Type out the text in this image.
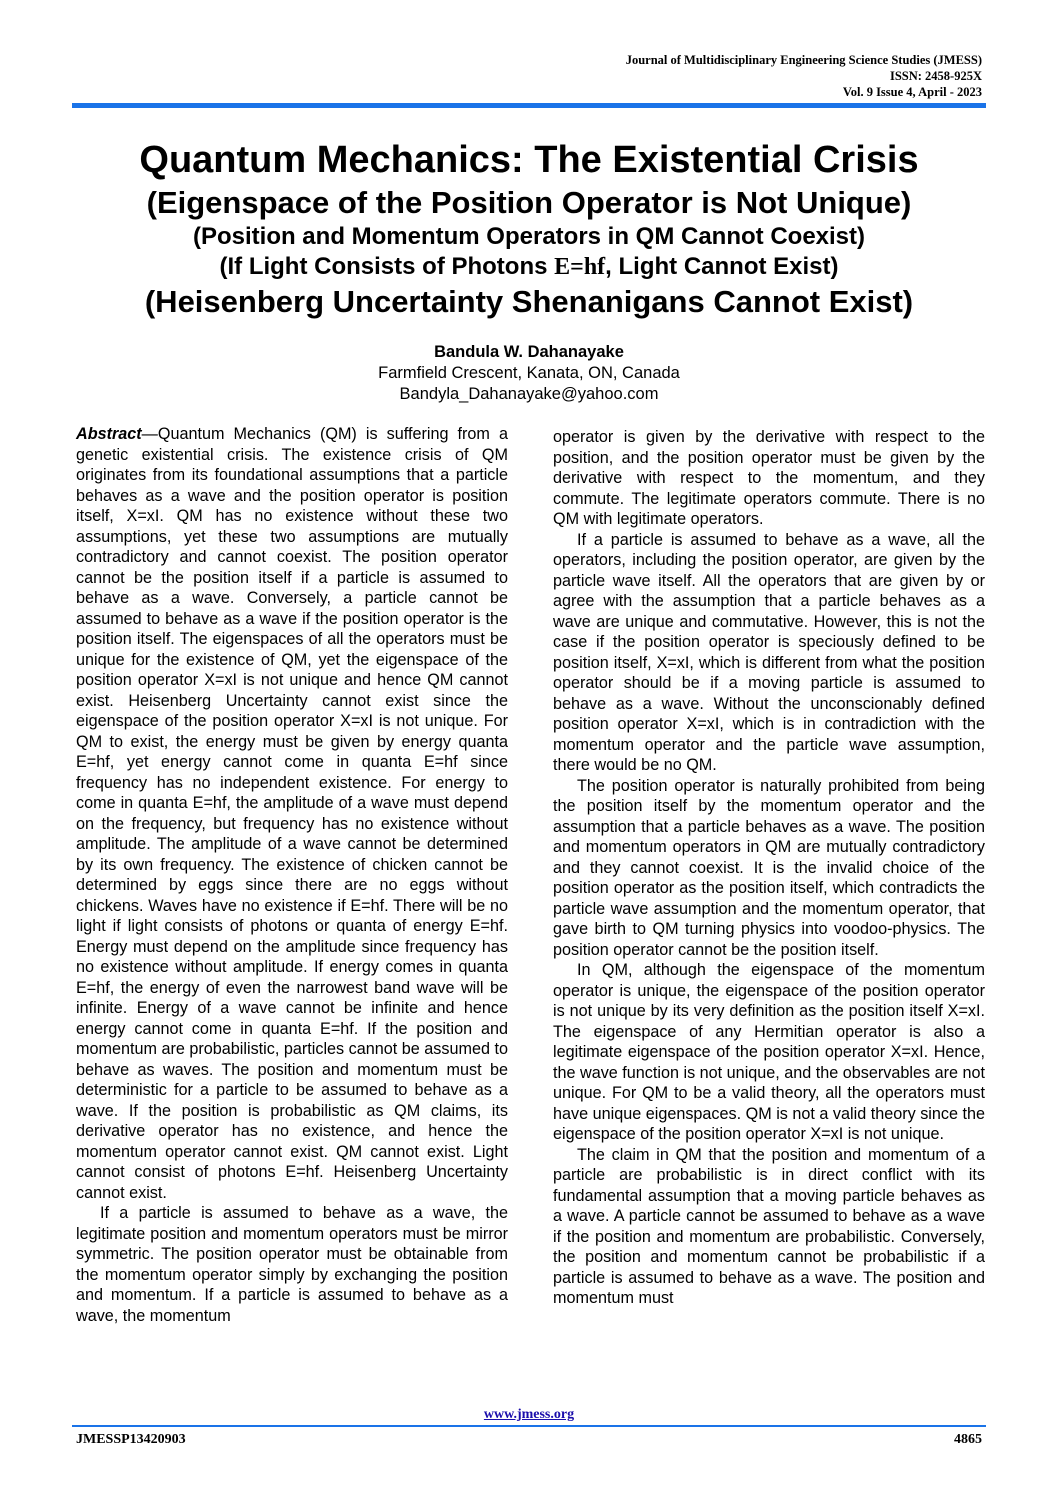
Journal of Multidisciplinary Engineering Science Studies (JMESS)
ISSN: 2458-925X
Vol. 9 Issue 4, April - 2023
Quantum Mechanics: The Existential Crisis
(Eigenspace of the Position Operator is Not Unique)
(Position and Momentum Operators in QM Cannot Coexist)
(If Light Consists of Photons E=hf, Light Cannot Exist)
(Heisenberg Uncertainty Shenanigans Cannot Exist)
Bandula W. Dahanayake
Farmfield Crescent, Kanata, ON, Canada
Bandyla_Dahanayake@yahoo.com

Abstract—Quantum Mechanics (QM) is suffering from a genetic existential crisis. The existence crisis of QM originates from its foundational assumptions that a particle behaves as a wave and the position operator is position itself, X=xI. QM has no existence without these two assumptions, yet these two assumptions are mutually contradictory and cannot coexist. The position operator cannot be the position itself if a particle is assumed to behave as a wave. Conversely, a particle cannot be assumed to behave as a wave if the position operator is the position itself. The eigenspaces of all the operators must be unique for the existence of QM, yet the eigenspace of the position operator X=xI is not unique and hence QM cannot exist. Heisenberg Uncertainty cannot exist since the eigenspace of the position operator X=xI is not unique. For QM to exist, the energy must be given by energy quanta E=hf, yet energy cannot come in quanta E=hf since frequency has no independent existence. For energy to come in quanta E=hf, the amplitude of a wave must depend on the frequency, but frequency has no existence without amplitude. The amplitude of a wave cannot be determined by its own frequency. The existence of chicken cannot be determined by eggs since there are no eggs without chickens. Waves have no existence if E=hf. There will be no light if light consists of photons or quanta of energy E=hf. Energy must depend on the amplitude since frequency has no existence without amplitude. If energy comes in quanta E=hf, the energy of even the narrowest band wave will be infinite. Energy of a wave cannot be infinite and hence energy cannot come in quanta E=hf. If the position and momentum are probabilistic, particles cannot be assumed to behave as waves. The position and momentum must be deterministic for a particle to be assumed to behave as a wave. If the position is probabilistic as QM claims, its derivative operator has no existence, and hence the momentum operator cannot exist. QM cannot exist. Light cannot consist of photons E=hf. Heisenberg Uncertainty cannot exist.

If a particle is assumed to behave as a wave, the legitimate position and momentum operators must be mirror symmetric. The position operator must be obtainable from the momentum operator simply by exchanging the position and momentum. If a particle is assumed to behave as a wave, the momentum

operator is given by the derivative with respect to the position, and the position operator must be given by the derivative with respect to the momentum, and they commute. The legitimate operators commute. There is no QM with legitimate operators.

If a particle is assumed to behave as a wave, all the operators, including the position operator, are given by the particle wave itself. All the operators that are given by or agree with the assumption that a particle behaves as a wave are unique and commutative. However, this is not the case if the position operator is speciously defined to be position itself, X=xI, which is different from what the position operator should be if a moving particle is assumed to behave as a wave. Without the unconscionably defined position operator X=xI, which is in contradiction with the momentum operator and the particle wave assumption, there would be no QM.

The position operator is naturally prohibited from being the position itself by the momentum operator and the assumption that a particle behaves as a wave. The position and momentum operators in QM are mutually contradictory and they cannot coexist. It is the invalid choice of the position operator as the position itself, which contradicts the particle wave assumption and the momentum operator, that gave birth to QM turning physics into voodoo-physics. The position operator cannot be the position itself.

In QM, although the eigenspace of the momentum operator is unique, the eigenspace of the position operator is not unique by its very definition as the position itself X=xI. The eigenspace of any Hermitian operator is also a legitimate eigenspace of the position operator X=xI. Hence, the wave function is not unique, and the observables are not unique. For QM to be a valid theory, all the operators must have unique eigenspaces. QM is not a valid theory since the eigenspace of the position operator X=xI is not unique.

The claim in QM that the position and momentum of a particle are probabilistic is in direct conflict with its fundamental assumption that a moving particle behaves as a wave. A particle cannot be assumed to behave as a wave if the position and momentum are probabilistic. Conversely, the position and momentum cannot be probabilistic if a particle is assumed to behave as a wave. The position and momentum must

www.jmess.org
JMESSP13420903	4865
